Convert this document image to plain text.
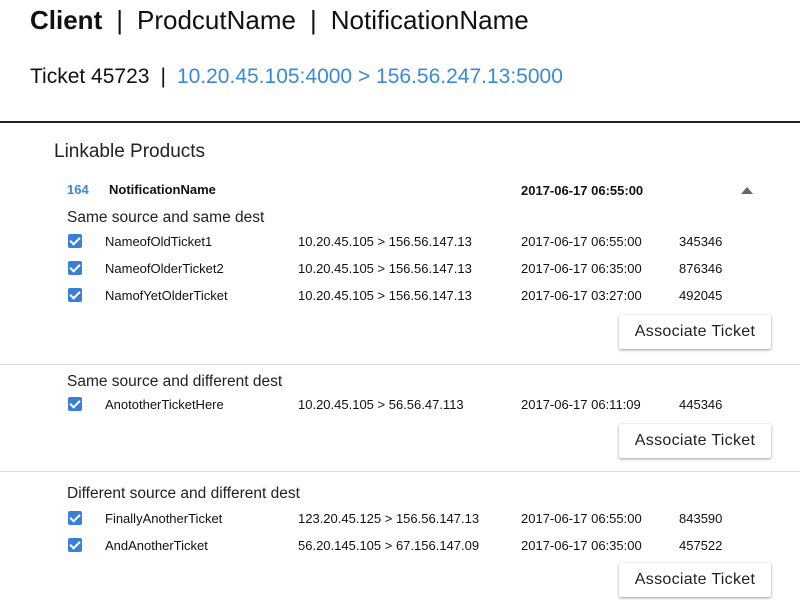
Client | ProdcutName | NotificationName
Ticket 45723 | 10.20.45.105:4000 > 156.56.247.13:5000
Linkable Products
164 NotificationName	2017-06-17 06:55:00
Same source and same dest
NameofOldTicket1	10.20.45.105 > 156.56.147.13	2017-06-17 06:55:00	345346
NameofOlderTicket2	10.20.45.105 > 156.56.147.13	2017-06-17 06:35:00	876346
NamofYetOlderTicket	10.20.45.105 > 156.56.147.13	2017-06-17 03:27:00	492045
Associate Ticket
Same source and different dest
AnototherTicketHere	10.20.45.105 > 56.56.47.113	2017-06-17 06:11:09	445346
Associate Ticket
Different source and different dest
FinallyAnotherTicket	123.20.45.125 > 156.56.147.13	2017-06-17 06:55:00	843590
AndAnotherTicket	56.20.145.105 > 67.156.147.09	2017-06-17 06:35:00	457522
Associate Ticket
